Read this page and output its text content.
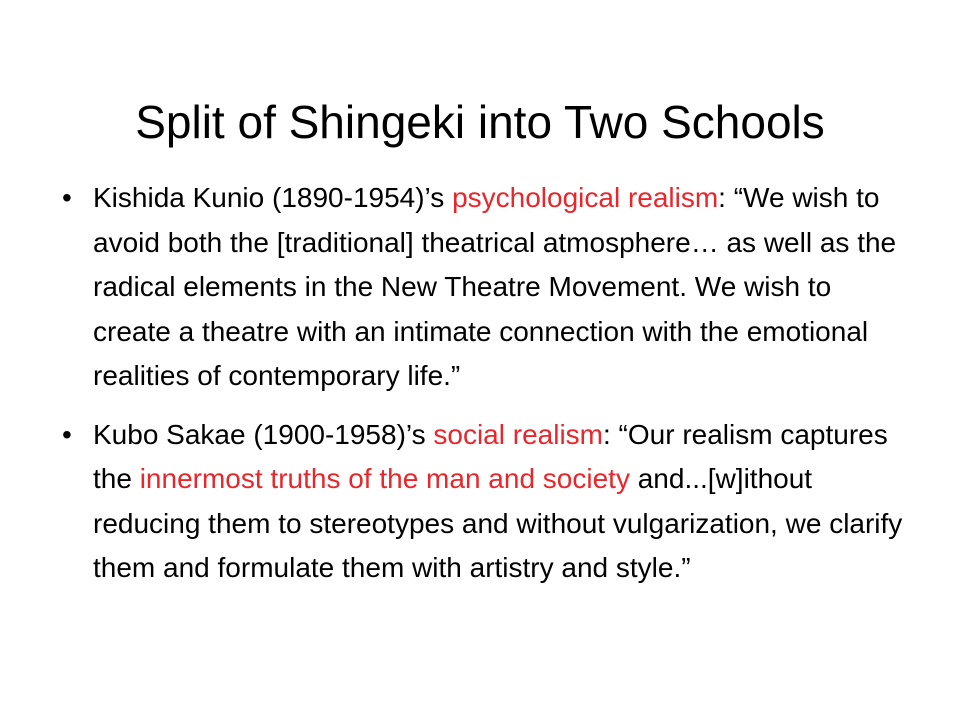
Split of Shingeki into Two Schools
• Kishida Kunio (1890-1954)’s psychological realism: “We wish to avoid both the [traditional] theatrical atmosphere… as well as the radical elements in the New Theatre Movement. We wish to create a theatre with an intimate connection with the emotional realities of contemporary life.”
• Kubo Sakae (1900-1958)’s social realism: “Our realism captures the innermost truths of the man and society and...[w]ithout reducing them to stereotypes and without vulgarization, we clarify them and formulate them with artistry and style.”
